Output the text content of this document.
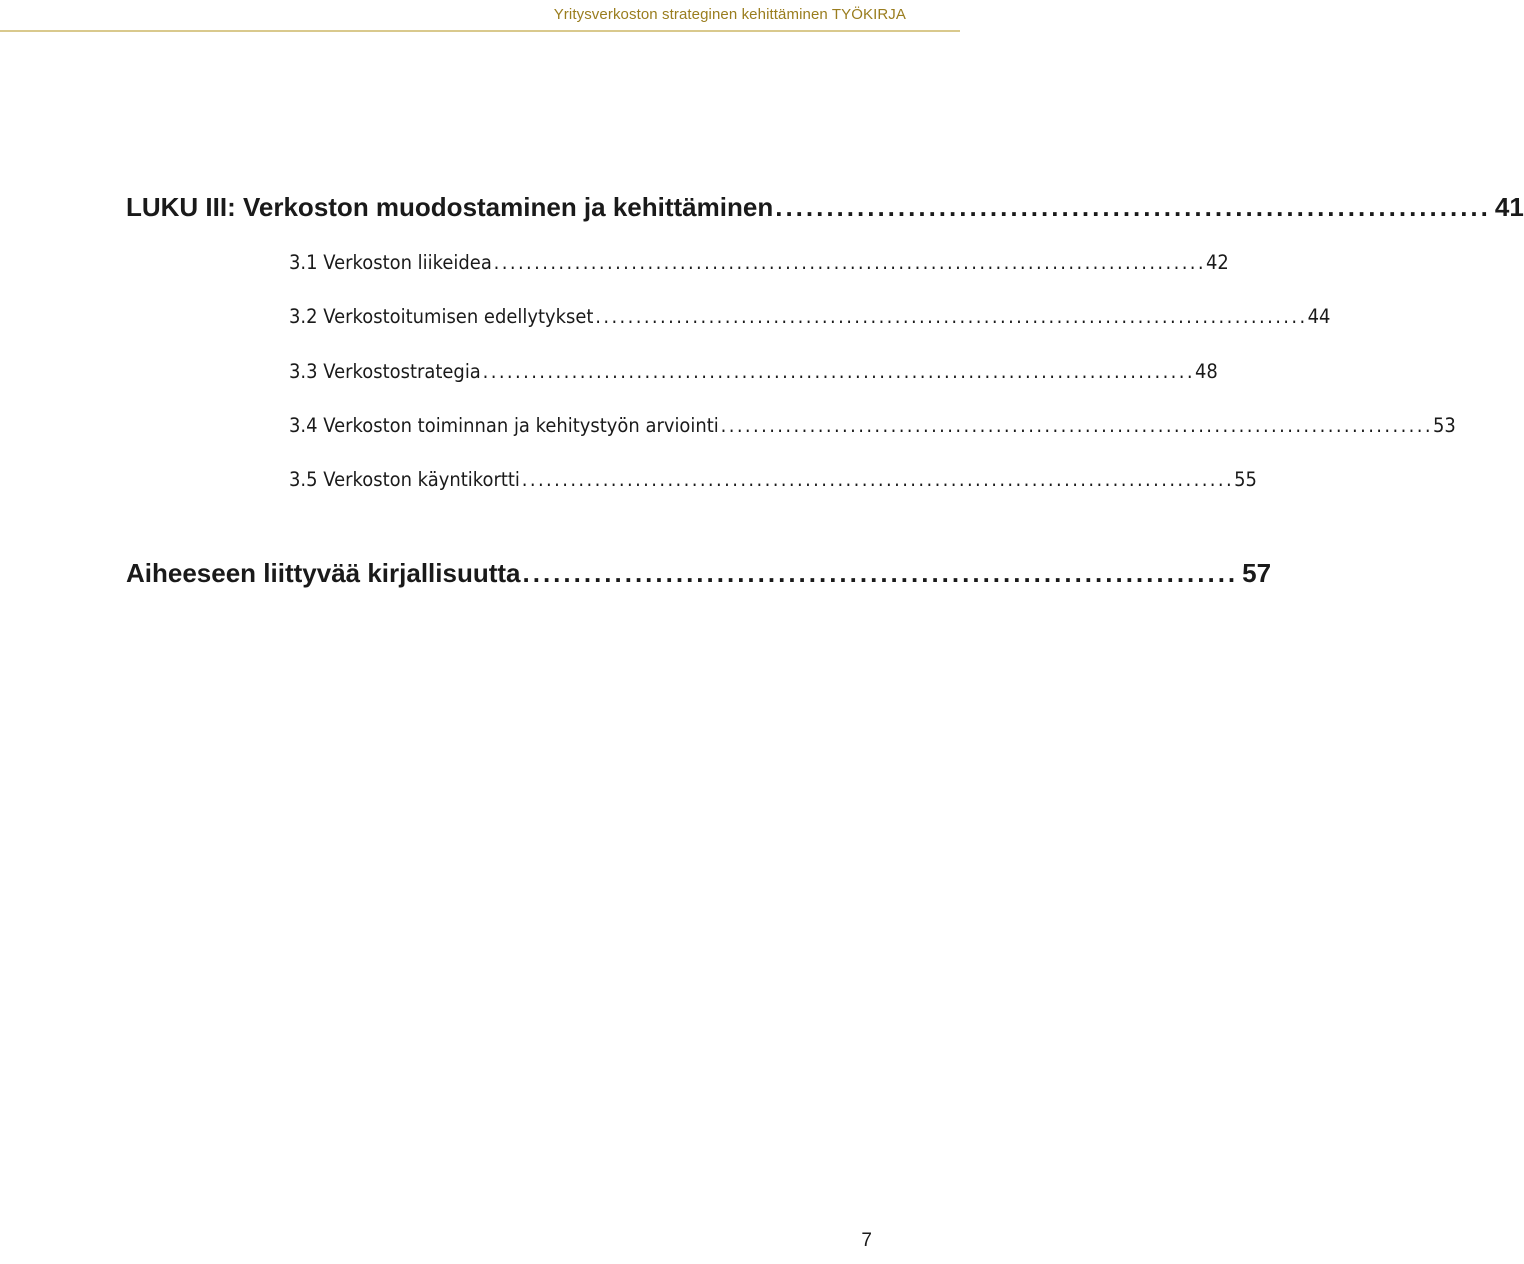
Yritysverkoston strateginen kehittäminen TYÖKIRJA
LUKU III: Verkoston muodostaminen ja kehittäminen ...................................................................... 41
3.1 Verkoston liikeidea ........................................................................................ 42
3.2 Verkostoitumisen edellytykset ........................................................................................ 44
3.3 Verkostostrategia ........................................................................................ 48
3.4 Verkoston toiminnan ja kehitystyön arviointi ........................................................................................ 53
3.5 Verkoston käyntikortti ........................................................................................ 55
Aiheeseen liittyvää kirjallisuutta ...................................................................... 57
7
